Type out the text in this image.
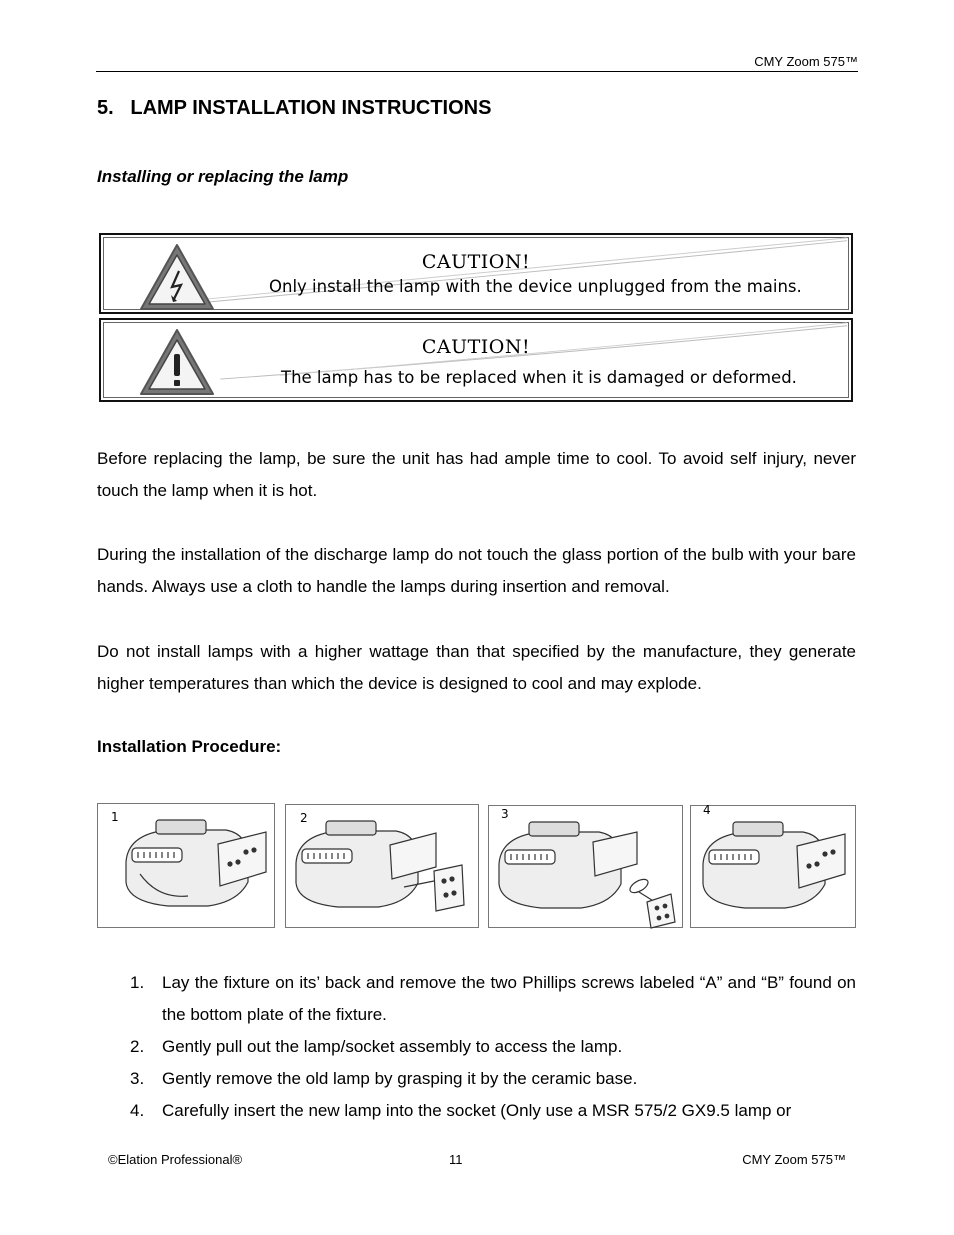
CMY Zoom 575™
5.   LAMP INSTALLATION INSTRUCTIONS
Installing or replacing the lamp
CAUTION!
Only install the lamp with the device unplugged from the mains.
CAUTION!
The lamp has to be replaced when it is damaged or deformed.
Before replacing the lamp, be sure the unit has had ample time to cool. To avoid self injury, never touch the lamp when it is hot.
During the installation of the discharge lamp do not touch the glass portion of the bulb with your bare hands. Always use a cloth to handle the lamps during insertion and removal.
Do not install lamps with a higher wattage than that specified by the manufacture, they generate higher temperatures than which the device is designed to cool and may explode.
Installation Procedure:
1	2	3	4
1. Lay the fixture on its’ back and remove the two Phillips screws labeled “A” and “B” found on the bottom plate of the fixture.
2. Gently pull out the lamp/socket assembly to access the lamp.
3. Gently remove the old lamp by grasping it by the ceramic base.
4. Carefully insert the new lamp into the socket (Only use a MSR 575/2 GX9.5 lamp or
©Elation Professional®	11	CMY Zoom 575™
